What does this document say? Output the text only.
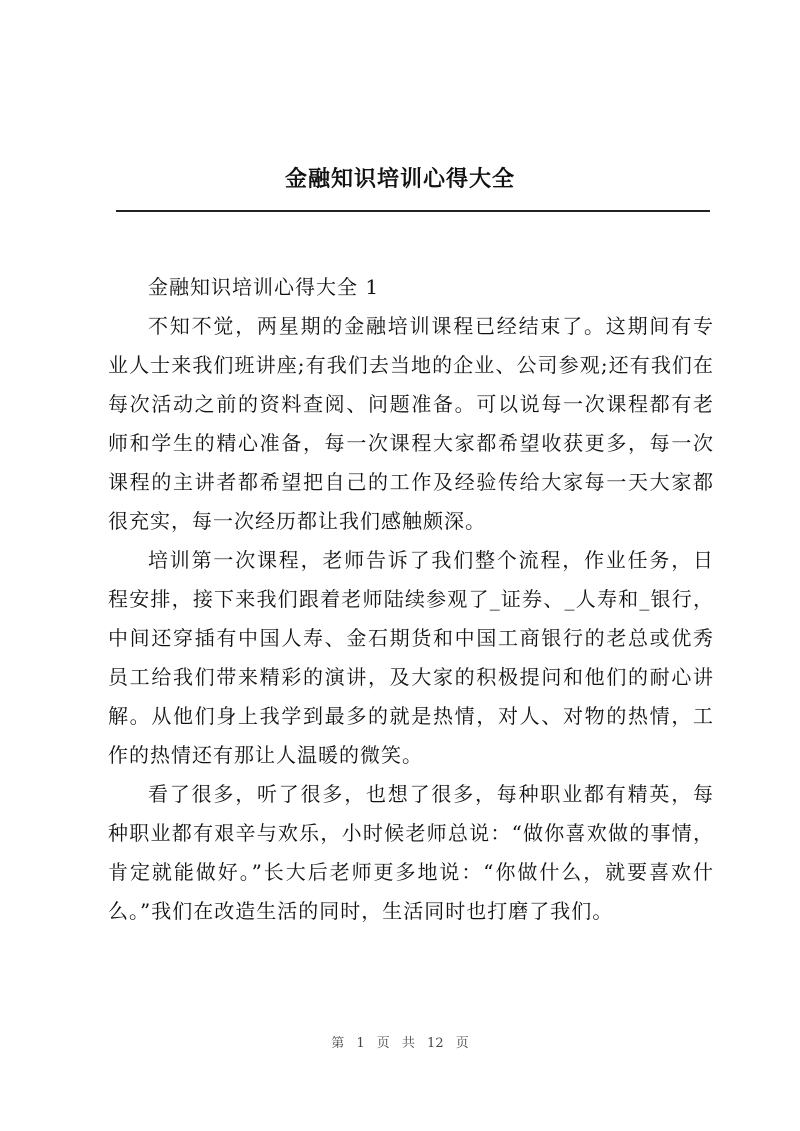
金融知识培训心得大全

金融知识培训心得大全 1

不知不觉，两星期的金融培训课程已经结束了。这期间有专业人士来我们班讲座;有我们去当地的企业、公司参观;还有我们在每次活动之前的资料查阅、问题准备。可以说每一次课程都有老师和学生的精心准备，每一次课程大家都希望收获更多，每一次课程的主讲者都希望把自己的工作及经验传给大家每一天大家都很充实，每一次经历都让我们感触颇深。

培训第一次课程，老师告诉了我们整个流程，作业任务，日程安排，接下来我们跟着老师陆续参观了_证券、_人寿和_银行，中间还穿插有中国人寿、金石期货和中国工商银行的老总或优秀员工给我们带来精彩的演讲，及大家的积极提问和他们的耐心讲解。从他们身上我学到最多的就是热情，对人、对物的热情，工作的热情还有那让人温暖的微笑。

看了很多，听了很多，也想了很多，每种职业都有精英，每种职业都有艰辛与欢乐，小时候老师总说：“做你喜欢做的事情，肯定就能做好。”长大后老师更多地说：“你做什么，就要喜欢什么。”我们在改造生活的同时，生活同时也打磨了我们。

第 1 页 共 12 页
